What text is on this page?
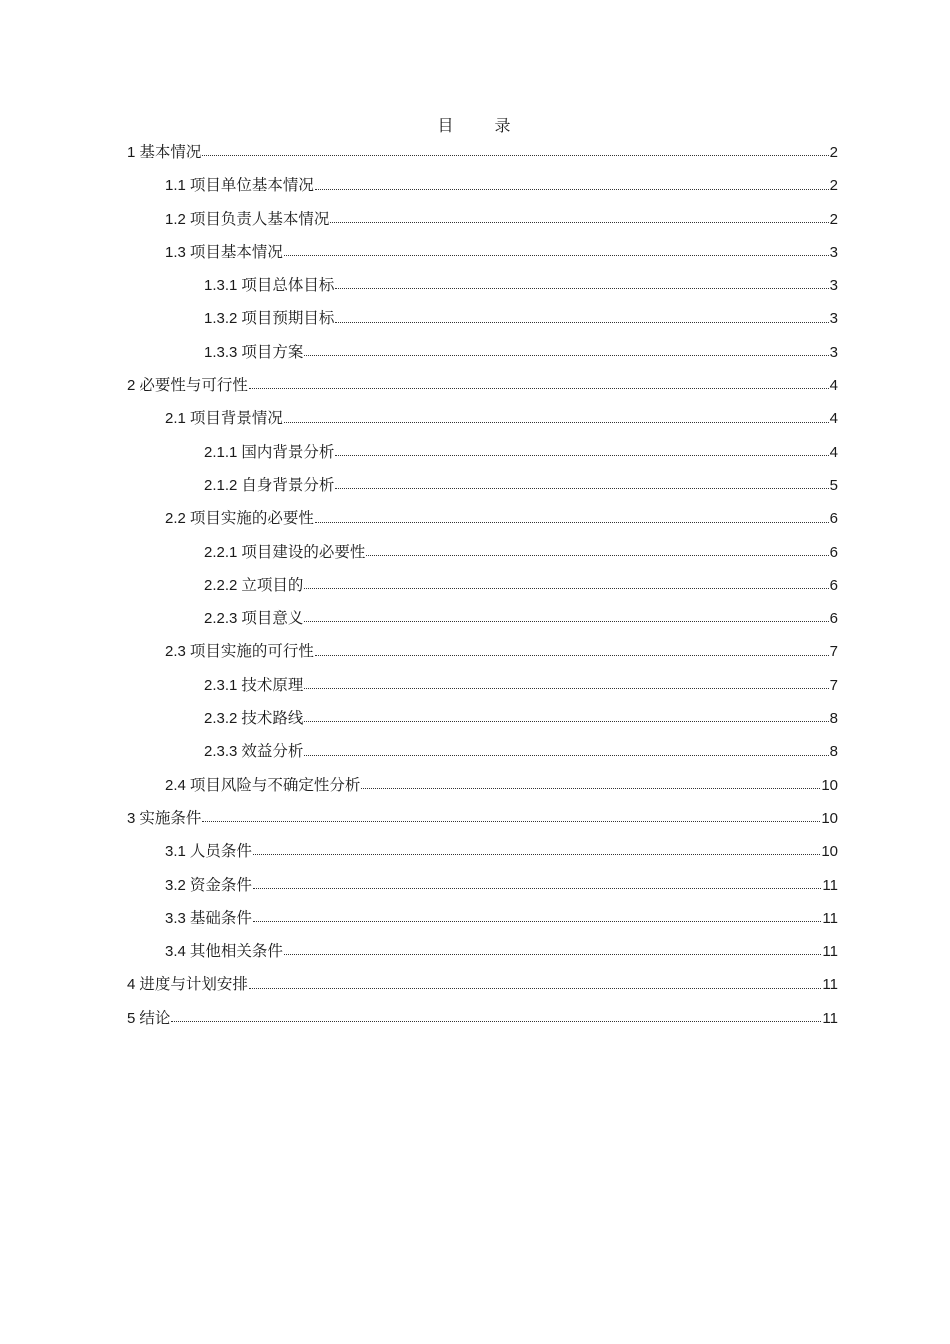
目 录
1 基本情况	2
1.1 项目单位基本情况	2
1.2 项目负责人基本情况	2
1.3 项目基本情况	3
1.3.1 项目总体目标	3
1.3.2 项目预期目标	3
1.3.3 项目方案	3
2 必要性与可行性	4
2.1 项目背景情况	4
2.1.1 国内背景分析	4
2.1.2 自身背景分析	5
2.2 项目实施的必要性	6
2.2.1 项目建设的必要性	6
2.2.2 立项目的	6
2.2.3 项目意义	6
2.3 项目实施的可行性	7
2.3.1 技术原理	7
2.3.2 技术路线	8
2.3.3 效益分析	8
2.4 项目风险与不确定性分析	10
3 实施条件	10
3.1 人员条件	10
3.2 资金条件	11
3.3 基础条件	11
3.4 其他相关条件	11
4 进度与计划安排	11
5 结论	11
